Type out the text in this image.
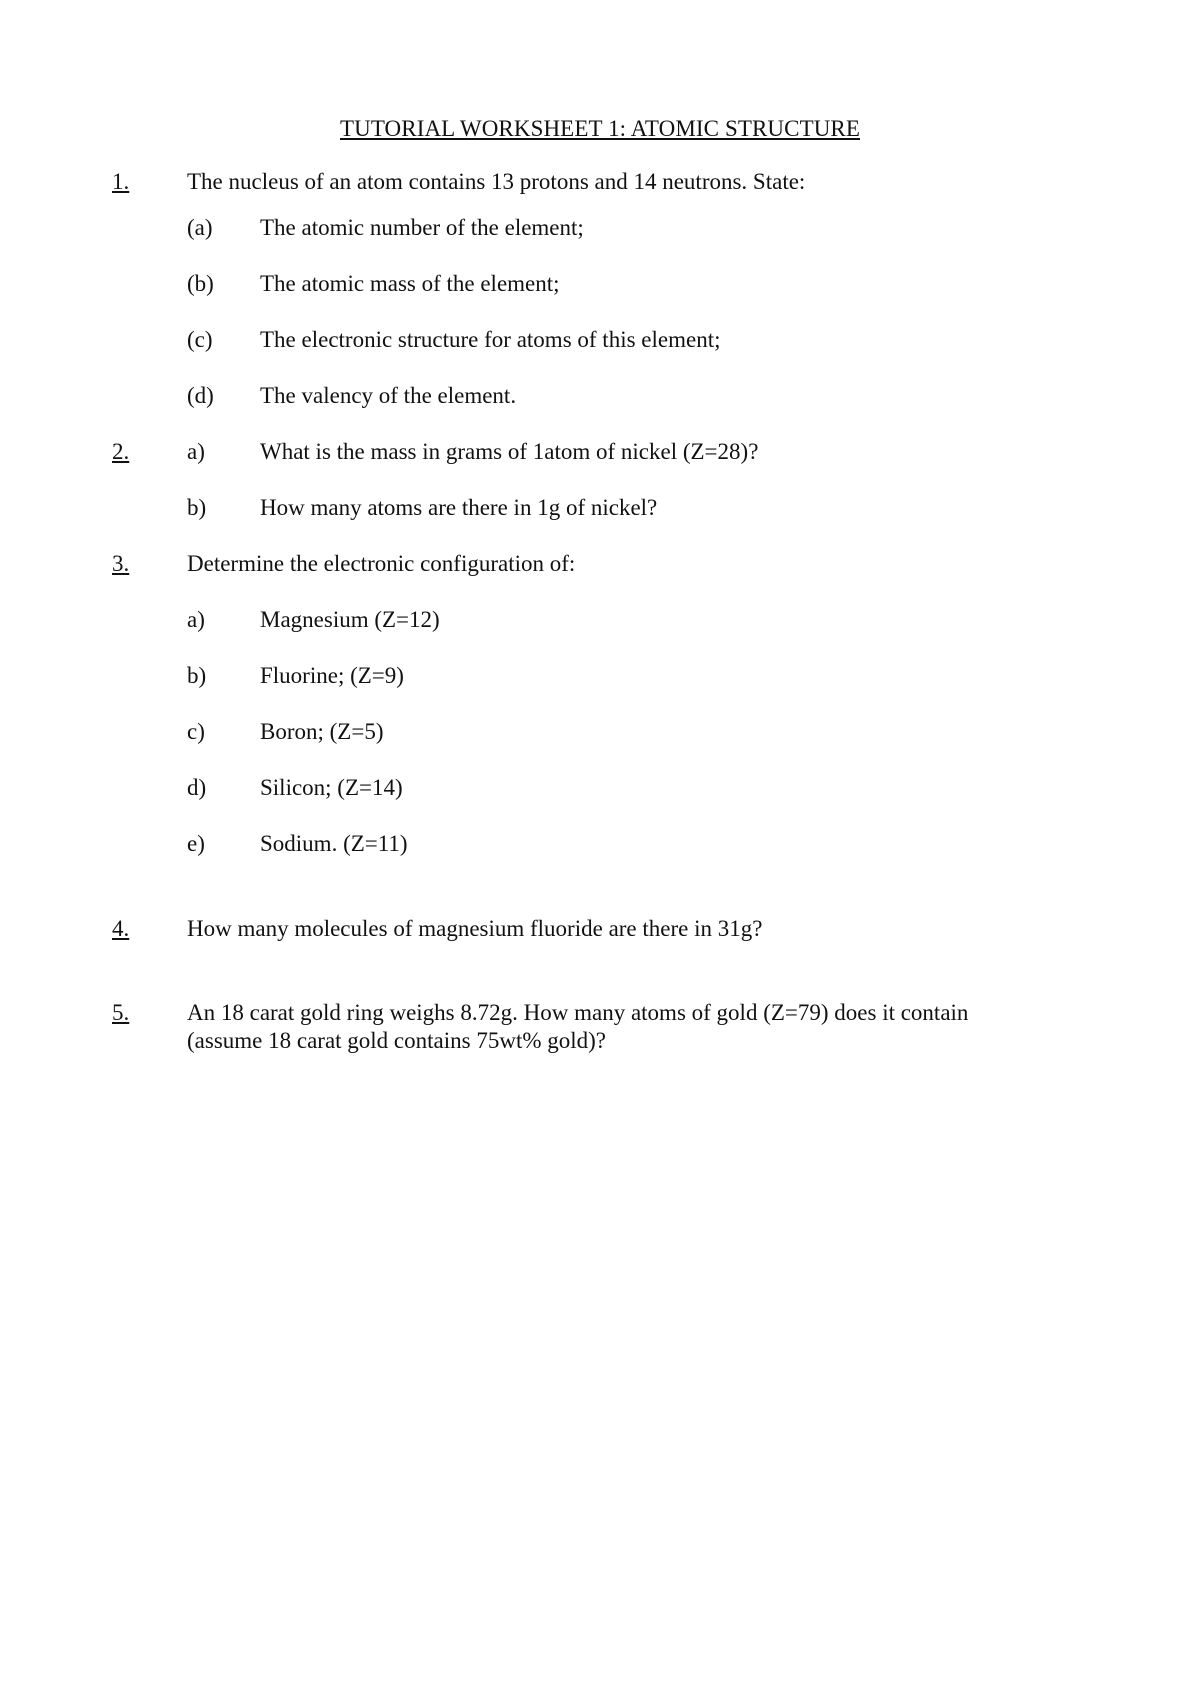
TUTORIAL WORKSHEET 1: ATOMIC STRUCTURE
1.	The nucleus of an atom contains 13 protons and 14 neutrons. State:
(a) The atomic number of the element;
(b) The atomic mass of the element;
(c) The electronic structure for atoms of this element;
(d) The valency of the element.
2.	a) What is the mass in grams of 1atom of nickel (Z=28)?
b) How many atoms are there in 1g of nickel?
3.	Determine the electronic configuration of:
a) Magnesium (Z=12)
b) Fluorine; (Z=9)
c) Boron; (Z=5)
d) Silicon; (Z=14)
e) Sodium. (Z=11)
4.	How many molecules of magnesium fluoride are there in 31g?
5.	An 18 carat gold ring weighs 8.72g. How many atoms of gold (Z=79) does it contain
(assume 18 carat gold contains 75wt% gold)?
